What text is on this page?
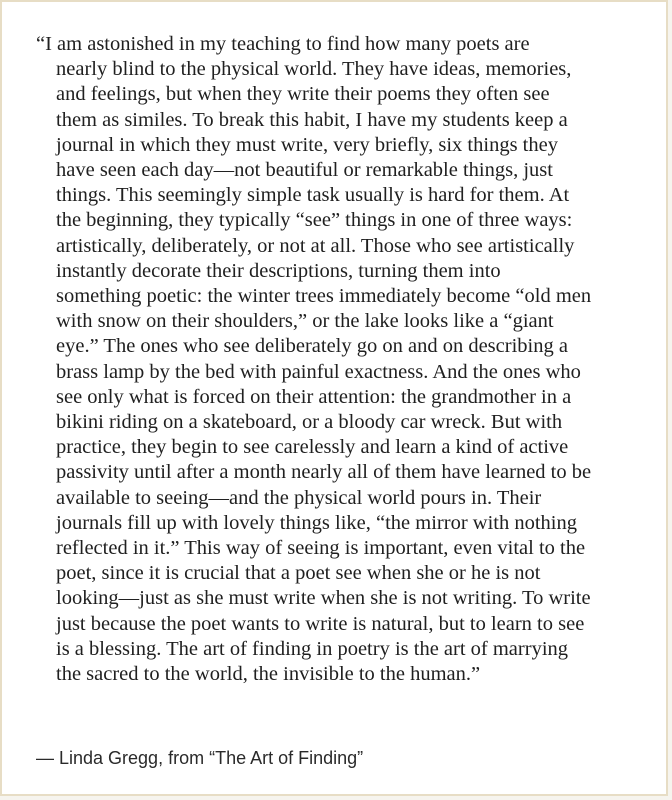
“I am astonished in my teaching to find how many poets are
nearly blind to the physical world. They have ideas, memories,
and feelings, but when they write their poems they often see
them as similes. To break this habit, I have my students keep a
journal in which they must write, very briefly, six things they
have seen each day—not beautiful or remarkable things, just
things. This seemingly simple task usually is hard for them. At
the beginning, they typically “see” things in one of three ways:
artistically, deliberately, or not at all. Those who see artistically
instantly decorate their descriptions, turning them into
something poetic: the winter trees immediately become “old men
with snow on their shoulders,” or the lake looks like a “giant
eye.” The ones who see deliberately go on and on describing a
brass lamp by the bed with painful exactness. And the ones who
see only what is forced on their attention: the grandmother in a
bikini riding on a skateboard, or a bloody car wreck. But with
practice, they begin to see carelessly and learn a kind of active
passivity until after a month nearly all of them have learned to be
available to seeing—and the physical world pours in. Their
journals fill up with lovely things like, “the mirror with nothing
reflected in it.” This way of seeing is important, even vital to the
poet, since it is crucial that a poet see when she or he is not
looking—just as she must write when she is not writing. To write
just because the poet wants to write is natural, but to learn to see
is a blessing. The art of finding in poetry is the art of marrying
the sacred to the world, the invisible to the human.”

— Linda Gregg, from “The Art of Finding”
